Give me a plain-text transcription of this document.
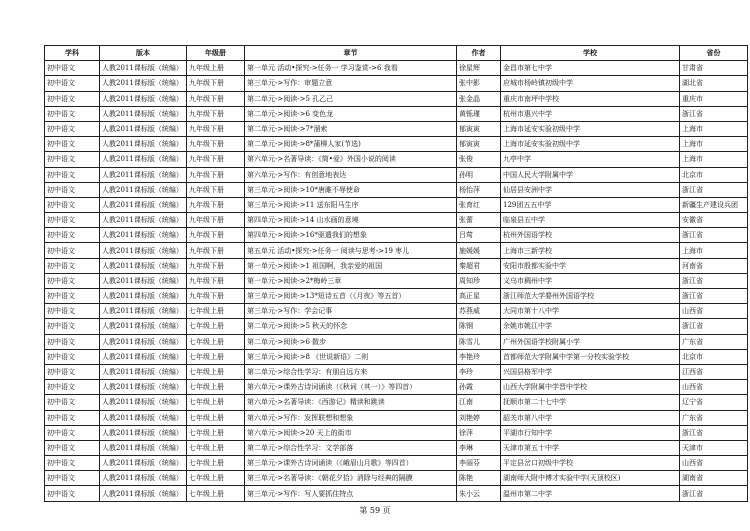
学科	版本	年级册	章节	作者	学校	省份
初中语文	人教2011课标版（统编）	九年级上册	第一单元 活动•探究->任务一 学习鉴赏->6 我看	徐星辉	金昌市第七中学	甘肃省
初中语文	人教2011课标版（统编）	九年级下册	第三单元->写作：审题立意	张中影	应城市杨岭镇初级中学	湖北省
初中语文	人教2011课标版（统编）	九年级下册	第二单元->阅读->5 孔乙己	张金晶	重庆市南坪中学校	重庆市
初中语文	人教2011课标版（统编）	九年级下册	第二单元->阅读->6 变色龙	黄铄瑾	杭州市惠兴中学	浙江省
初中语文	人教2011课标版（统编）	九年级下册	第二单元->阅读->7*溜索	郁寅寅	上海市延安实验初级中学	上海市
初中语文	人教2011课标版（统编）	九年级下册	第二单元->阅读->8*蒲柳人家(节选)	郁寅寅	上海市延安实验初级中学	上海市
初中语文	人教2011课标版（统编）	九年级下册	第六单元->名著导读：《简•爱》外国小说的阅读	张俊	九亭中学	上海市
初中语文	人教2011课标版（统编）	九年级下册	第六单元->写作：有创意地表达	孙明	中国人民大学附属中学	北京市
初中语文	人教2011课标版（统编）	九年级下册	第三单元->阅读->10*唐雎不辱使命	杨怡萍	仙居县安洲中学	浙江省
初中语文	人教2011课标版（统编）	九年级下册	第三单元->阅读->11 送东阳马生序	张育红	129团五五中学	新疆生产建设兵团
初中语文	人教2011课标版（统编）	九年级下册	第四单元->阅读->14 山水画的意境	张蕾	临泉县五中学	安徽省
初中语文	人教2011课标版（统编）	九年级下册	第四单元->阅读->16*驱遣我们的想象	吕莺	杭州外国语学校	浙江省
初中语文	人教2011课标版（统编）	九年级下册	第五单元 活动•探究->任务一 阅读与思考->19 枣儿	施媛媛	上海市三新学校	上海市
初中语文	人教2011课标版（统编）	九年级下册	第一单元->阅读->1 祖国啊，我亲爱的祖国	秦超君	安阳市殷都实验中学	河南省
初中语文	人教2011课标版（统编）	九年级下册	第一单元->阅读->2*梅岭三章	周知珍	义乌市稠州中学	浙江省
初中语文	人教2011课标版（统编）	九年级下册	第三单元->阅读->13*短诗五首（《月夜》等五首）	高正星	浙江师范大学婺州外国语学校	浙江省
初中语文	人教2011课标版（统编）	七年级上册	第三单元->写作：学会记事	苏燕威	大同市第十八中学	山西省
初中语文	人教2011课标版（统编）	七年级上册	第二单元->阅读->5 秋天的怀念	陈钢	余姚市姚江中学	浙江省
初中语文	人教2011课标版（统编）	七年级上册	第二单元->阅读->6 散步	陈雪儿	广州外国语学校附属小学	广东省
初中语文	人教2011课标版（统编）	七年级上册	第三单元->阅读->8 《世说新语》二则	李艳玲	首都师范大学附属中学第一分校实验学校	北京市
初中语文	人教2011课标版（统编）	七年级上册	第二单元->综合性学习：有朋自远方来	李玲	兴国县格军中学	江西省
初中语文	人教2011课标版（统编）	七年级上册	第六单元->课外古诗词诵读（《秋词（其一）》等四首）	孙霞	山西大学附属中学晋中学校	山西省
初中语文	人教2011课标版（统编）	七年级上册	第六单元->名著导读：《西游记》精读和跳读	江南	抚顺市第二十七中学	辽宁省
初中语文	人教2011课标版（统编）	七年级上册	第六单元->写作：发挥联想和想象	刘艳婷	韶关市第八中学	广东省
初中语文	人教2011课标版（统编）	七年级上册	第六单元->阅读->20 天上的街市	徐萍	平湖市行知中学	浙江省
初中语文	人教2011课标版（统编）	七年级上册	第二单元->综合性学习：文学部落	李琳	天津市第五十中学	天津市
初中语文	人教2011课标版（统编）	七年级上册	第三单元->课外古诗词诵读（《峨眉山月歌》等四首）	李丽芬	平定县岔口初级中学校	山西省
初中语文	人教2011课标版（统编）	七年级上册	第三单元->名著导读：《朝花夕拾》消除与经典的隔膜	陈艳	湖南师大附中博才实验中学(天顶校区)	湖南省
初中语文	人教2011课标版（统编）	七年级上册	第三单元->写作：写人要抓住特点	朱小云	温州市第二中学	浙江省
第 59 页
